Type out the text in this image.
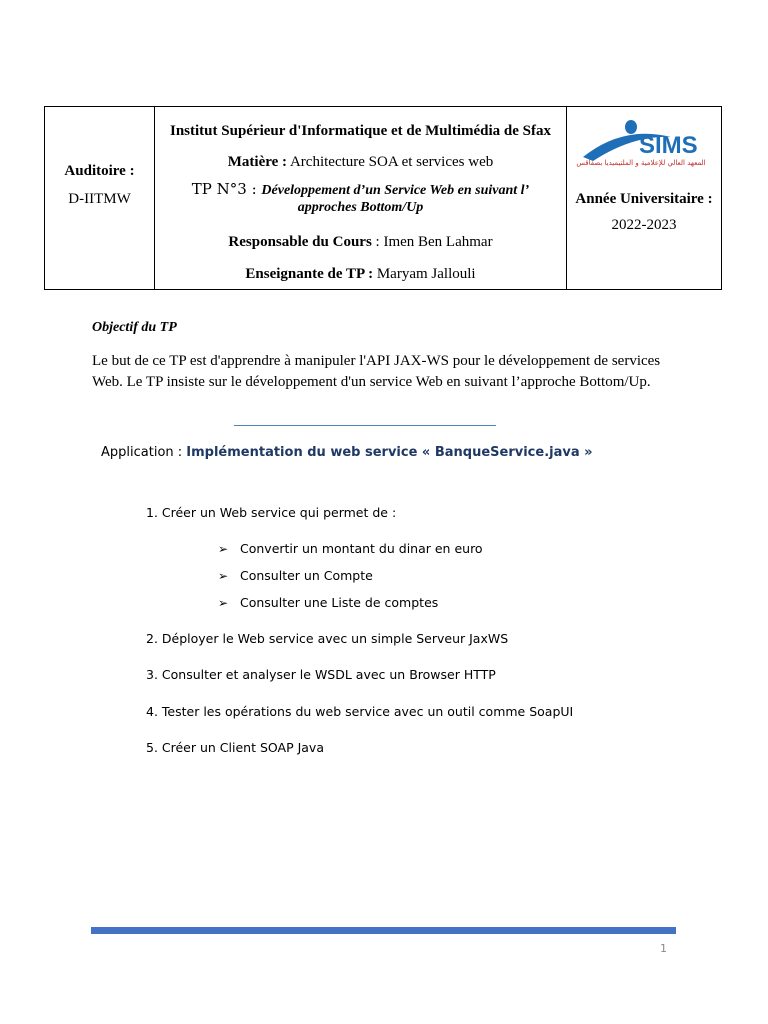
Auditoire :
D-IITMW
Institut Supérieur d'Informatique et de Multimédia de Sfax
Matière : Architecture SOA et services web
TP N°3 : Développement d’un Service Web en suivant l’ approches Bottom/Up
Responsable du Cours : Imen Ben Lahmar
Enseignante de TP : Maryam Jallouli
SIMS
المعهد العالي للإعلامية و الملتيميديا بصفاقس
Année Universitaire :
2022-2023
Objectif du TP
Le but de ce TP est d'apprendre à manipuler l'API JAX-WS pour le développement de services Web. Le TP insiste sur le développement d'un service Web en suivant l’approche Bottom/Up.
Application : Implémentation du web service « BanqueService.java »
1. Créer un Web service qui permet de :
➢ Convertir un montant du dinar en euro
➢ Consulter un Compte
➢ Consulter une Liste de comptes
2. Déployer le Web service avec un simple Serveur JaxWS
3. Consulter et analyser le WSDL avec un Browser HTTP
4. Tester les opérations du web service avec un outil comme SoapUI
5. Créer un Client SOAP Java
1
